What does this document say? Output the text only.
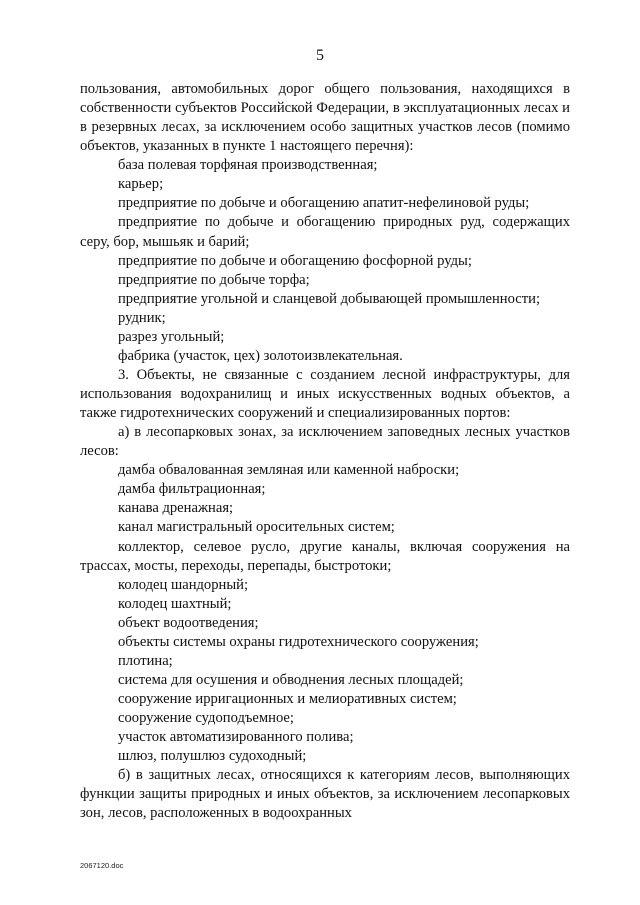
5

пользования, автомобильных дорог общего пользования, находящихся в собственности субъектов Российской Федерации, в эксплуатационных лесах и в резервных лесах, за исключением особо защитных участков лесов (помимо объектов, указанных в пункте 1 настоящего перечня):

база полевая торфяная производственная;

карьер;

предприятие по добыче и обогащению апатит-нефелиновой руды;

предприятие по добыче и обогащению природных руд, содержащих серу, бор, мышьяк и барий;

предприятие по добыче и обогащению фосфорной руды;

предприятие по добыче торфа;

предприятие угольной и сланцевой добывающей промышленности;

рудник;

разрез угольный;

фабрика (участок, цех) золотоизвлекательная.

3. Объекты, не связанные с созданием лесной инфраструктуры, для использования водохранилищ и иных искусственных водных объектов, а также гидротехнических сооружений и специализированных портов:

а) в лесопарковых зонах, за исключением заповедных лесных участков лесов:

дамба обвалованная земляная или каменной наброски;

дамба фильтрационная;

канава дренажная;

канал магистральный оросительных систем;

коллектор, селевое русло, другие каналы, включая сооружения на трассах, мосты, переходы, перепады, быстротоки;

колодец шандорный;

колодец шахтный;

объект водоотведения;

объекты системы охраны гидротехнического сооружения;

плотина;

система для осушения и обводнения лесных площадей;

сооружение ирригационных и мелиоративных систем;

сооружение судоподъемное;

участок автоматизированного полива;

шлюз, полушлюз судоходный;

б) в защитных лесах, относящихся к категориям лесов, выполняющих функции защиты природных и иных объектов, за исключением лесопарковых зон, лесов, расположенных в водоохранных

2067120.doc
